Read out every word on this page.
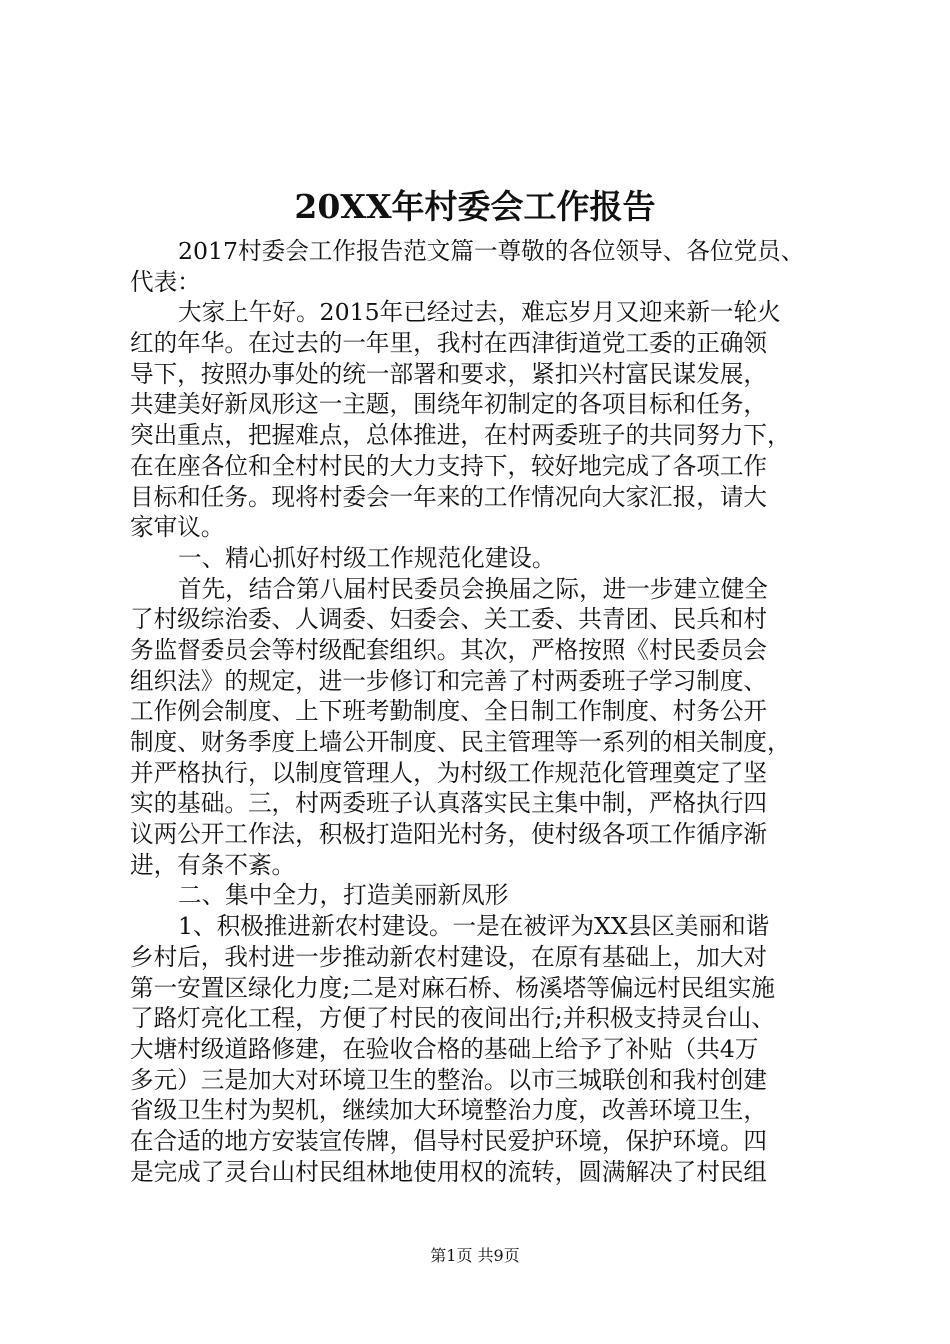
20XX年村委会工作报告
2017村委会工作报告范文篇一尊敬的各位领导、各位党员、
代表：
大家上午好。2015年已经过去，难忘岁月又迎来新一轮火
红的年华。在过去的一年里，我村在西津街道党工委的正确领
导下，按照办事处的统一部署和要求，紧扣兴村富民谋发展，
共建美好新凤形这一主题，围绕年初制定的各项目标和任务，
突出重点，把握难点，总体推进，在村两委班子的共同努力下，
在在座各位和全村村民的大力支持下，较好地完成了各项工作
目标和任务。现将村委会一年来的工作情况向大家汇报，请大
家审议。
一、精心抓好村级工作规范化建设。
首先，结合第八届村民委员会换届之际，进一步建立健全
了村级综治委、人调委、妇委会、关工委、共青团、民兵和村
务监督委员会等村级配套组织。其次，严格按照《村民委员会
组织法》的规定，进一步修订和完善了村两委班子学习制度、
工作例会制度、上下班考勤制度、全日制工作制度、村务公开
制度、财务季度上墙公开制度、民主管理等一系列的相关制度，
并严格执行，以制度管理人，为村级工作规范化管理奠定了坚
实的基础。三，村两委班子认真落实民主集中制，严格执行四
议两公开工作法，积极打造阳光村务，使村级各项工作循序渐
进，有条不紊。
二、集中全力，打造美丽新凤形
1、积极推进新农村建设。一是在被评为XX县区美丽和谐
乡村后，我村进一步推动新农村建设，在原有基础上，加大对
第一安置区绿化力度;二是对麻石桥、杨溪塔等偏远村民组实施
了路灯亮化工程，方便了村民的夜间出行;并积极支持灵台山、
大塘村级道路修建，在验收合格的基础上给予了补贴（共4万
多元）三是加大对环境卫生的整治。以市三城联创和我村创建
省级卫生村为契机，继续加大环境整治力度，改善环境卫生，
在合适的地方安装宣传牌，倡导村民爱护环境，保护环境。四
是完成了灵台山村民组林地使用权的流转，圆满解决了村民组
第1页 共9页
